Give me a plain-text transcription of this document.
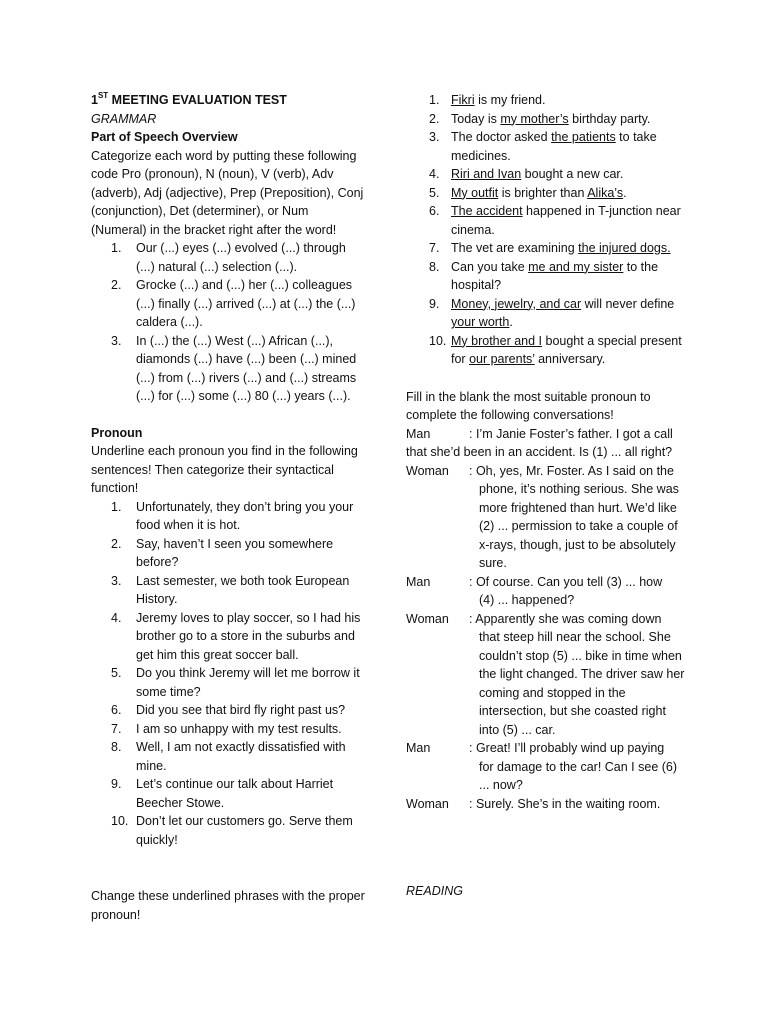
1ST MEETING EVALUATION TEST

GRAMMAR

Part of Speech Overview

Categorize each word by putting these following code Pro (pronoun), N (noun), V (verb), Adv (adverb), Adj (adjective), Prep (Preposition), Conj (conjunction), Det (determiner), or Num (Numeral) in the bracket right after the word!

1. Our (...) eyes (...) evolved (...) through (...) natural (...) selection (...).
2. Grocke (...) and (...) her (...) colleagues (...) finally (...) arrived (...) at (...) the (...) caldera (...).
3. In (...) the (...) West (...) African (...), diamonds (...) have (...) been (...) mined (...) from (...) rivers (...) and (...) streams (...) for (...) some (...) 80 (...) years (...).

Pronoun

Underline each pronoun you find in the following sentences! Then categorize their syntactical function!

1. Unfortunately, they don’t bring you your food when it is hot.
2. Say, haven’t I seen you somewhere before?
3. Last semester, we both took European History.
4. Jeremy loves to play soccer, so I had his brother go to a store in the suburbs and get him this great soccer ball.
5. Do you think Jeremy will let me borrow it some time?
6. Did you see that bird fly right past us?
7. I am so unhappy with my test results.
8. Well, I am not exactly dissatisfied with mine.
9. Let’s continue our talk about Harriet Beecher Stowe.
10. Don’t let our customers go. Serve them quickly!

Change these underlined phrases with the proper pronoun!

1. Fikri is my friend.
2. Today is my mother’s birthday party.
3. The doctor asked the patients to take medicines.
4. Riri and Ivan bought a new car.
5. My outfit is brighter than Alika’s.
6. The accident happened in T-junction near cinema.
7. The vet are examining the injured dogs.
8. Can you take me and my sister to the hospital?
9. Money, jewelry, and car will never define your worth.
10. My brother and I bought a special present for our parents’ anniversary.

Fill in the blank the most suitable pronoun to complete the following conversations!

Man	: I’m Janie Foster’s father. I got a call

that she’d been in an accident. Is (1) ... all right?

Woman	: Oh, yes, Mr. Foster. As I said on the
phone, it’s nothing serious. She was more frightened than hurt. We’d like (2) ... permission to take a couple of x-rays, though, just to be absolutely sure.
Man	: Of course. Can you tell (3) ... how
(4) ... happened?
Woman	: Apparently she was coming down
that steep hill near the school. She couldn’t stop (5) ... bike in time when the light changed. The driver saw her coming and stopped in the intersection, but she coasted right into (5) ... car.
Man	: Great! I’ll probably wind up paying
for damage to the car! Can I see (6) ... now?
Woman	: Surely. She’s in the waiting room.
READING
